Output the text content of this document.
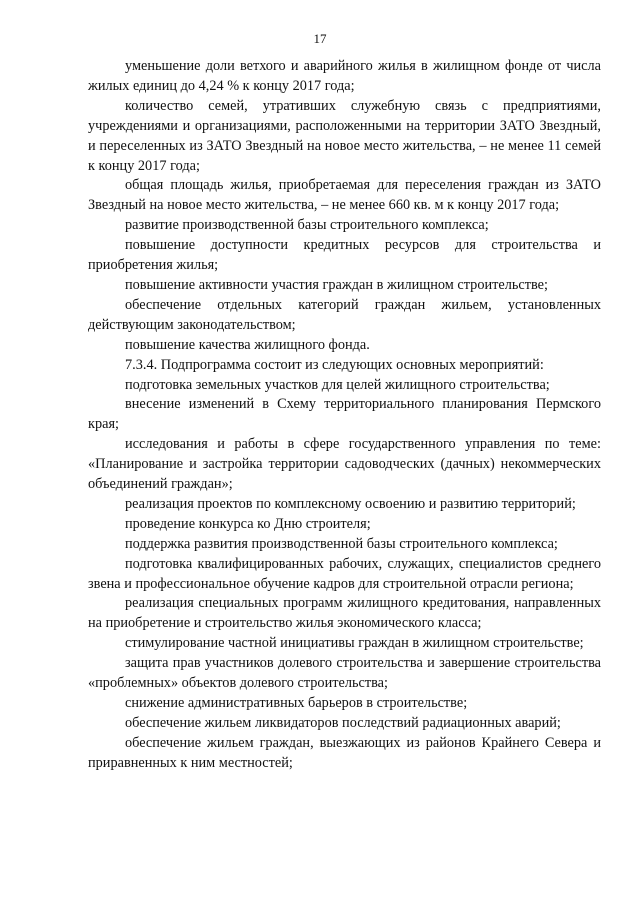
17

уменьшение доли ветхого и аварийного жилья в жилищном фонде от числа жилых единиц до 4,24 % к концу 2017 года;

количество семей, утративших служебную связь с предприятиями, учреждениями и организациями, расположенными на территории ЗАТО Звездный, и переселенных из ЗАТО Звездный на новое место жительства, – не менее 11 семей к концу 2017 года;

общая площадь жилья, приобретаемая для переселения граждан из ЗАТО Звездный на новое место жительства, – не менее 660 кв. м к концу 2017 года;

развитие производственной базы строительного комплекса;

повышение доступности кредитных ресурсов для строительства и приобретения жилья;

повышение активности участия граждан в жилищном строительстве;

обеспечение отдельных категорий граждан жильем, установленных действующим законодательством;

повышение качества жилищного фонда.

7.3.4. Подпрограмма состоит из следующих основных мероприятий:

подготовка земельных участков для целей жилищного строительства;

внесение изменений в Схему территориального планирования Пермского края;

исследования и работы в сфере государственного управления по теме: «Планирование и застройка территории садоводческих (дачных) некоммерческих объединений граждан»;

реализация проектов по комплексному освоению и развитию территорий;

проведение конкурса ко Дню строителя;

поддержка развития производственной базы строительного комплекса;

подготовка квалифицированных рабочих, служащих, специалистов среднего звена и профессиональное обучение кадров для строительной отрасли региона;

реализация специальных программ жилищного кредитования, направленных на приобретение и строительство жилья экономического класса;

стимулирование частной инициативы граждан в жилищном строительстве;

защита прав участников долевого строительства и завершение строительства «проблемных» объектов долевого строительства;

снижение административных барьеров в строительстве;

обеспечение жильем ликвидаторов последствий радиационных аварий;

обеспечение жильем граждан, выезжающих из районов Крайнего Севера и приравненных к ним местностей;
